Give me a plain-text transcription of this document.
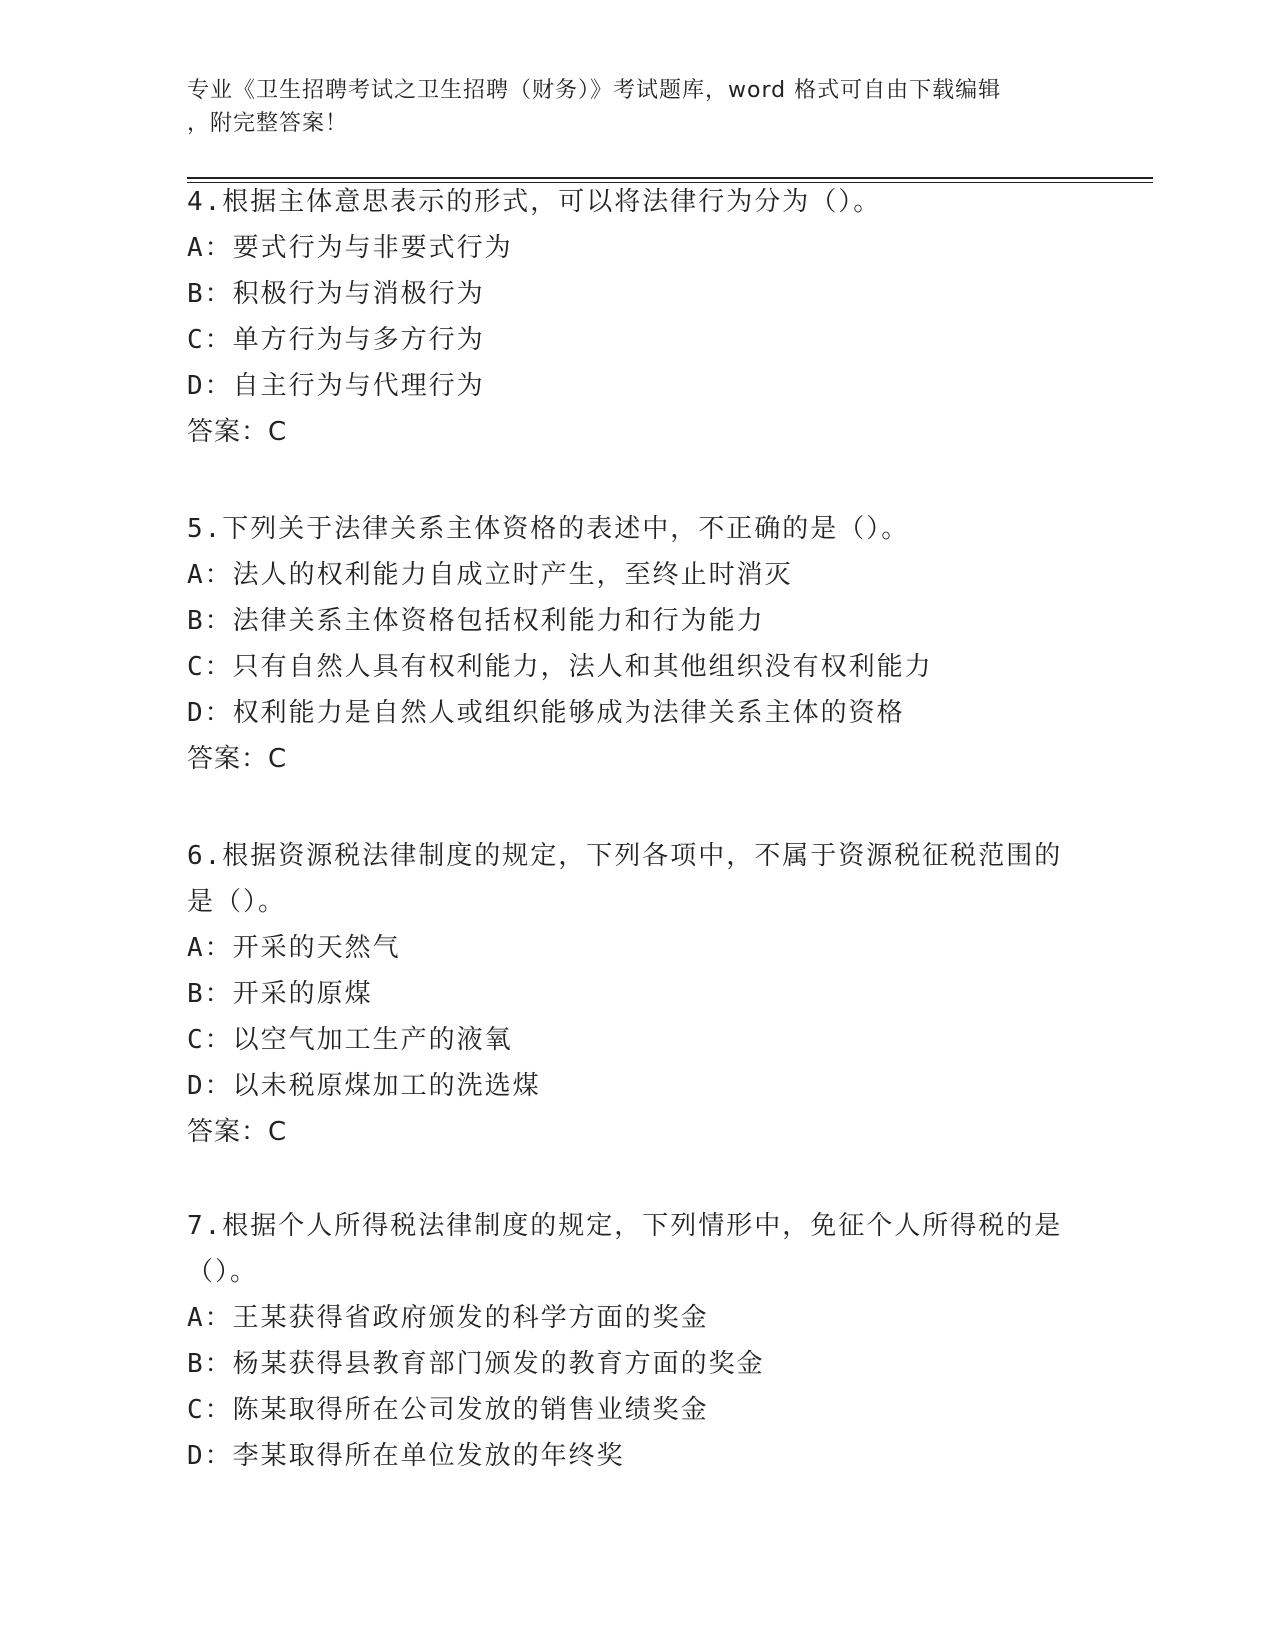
专业《卫生招聘考试之卫生招聘（财务）》考试题库，word 格式可自由下载编辑
，附完整答案！
4.根据主体意思表示的形式，可以将法律行为分为（）。
A：要式行为与非要式行为
B：积极行为与消极行为
C：单方行为与多方行为
D：自主行为与代理行为
答案：C
5.下列关于法律关系主体资格的表述中，不正确的是（）。
A：法人的权利能力自成立时产生，至终止时消灭
B：法律关系主体资格包括权利能力和行为能力
C：只有自然人具有权利能力，法人和其他组织没有权利能力
D：权利能力是自然人或组织能够成为法律关系主体的资格
答案：C
6.根据资源税法律制度的规定，下列各项中，不属于资源税征税范围的是（）。
A：开采的天然气
B：开采的原煤
C：以空气加工生产的液氧
D：以未税原煤加工的洗选煤
答案：C
7.根据个人所得税法律制度的规定，下列情形中，免征个人所得税的是（）。
A：王某获得省政府颁发的科学方面的奖金
B：杨某获得县教育部门颁发的教育方面的奖金
C：陈某取得所在公司发放的销售业绩奖金
D：李某取得所在单位发放的年终奖
